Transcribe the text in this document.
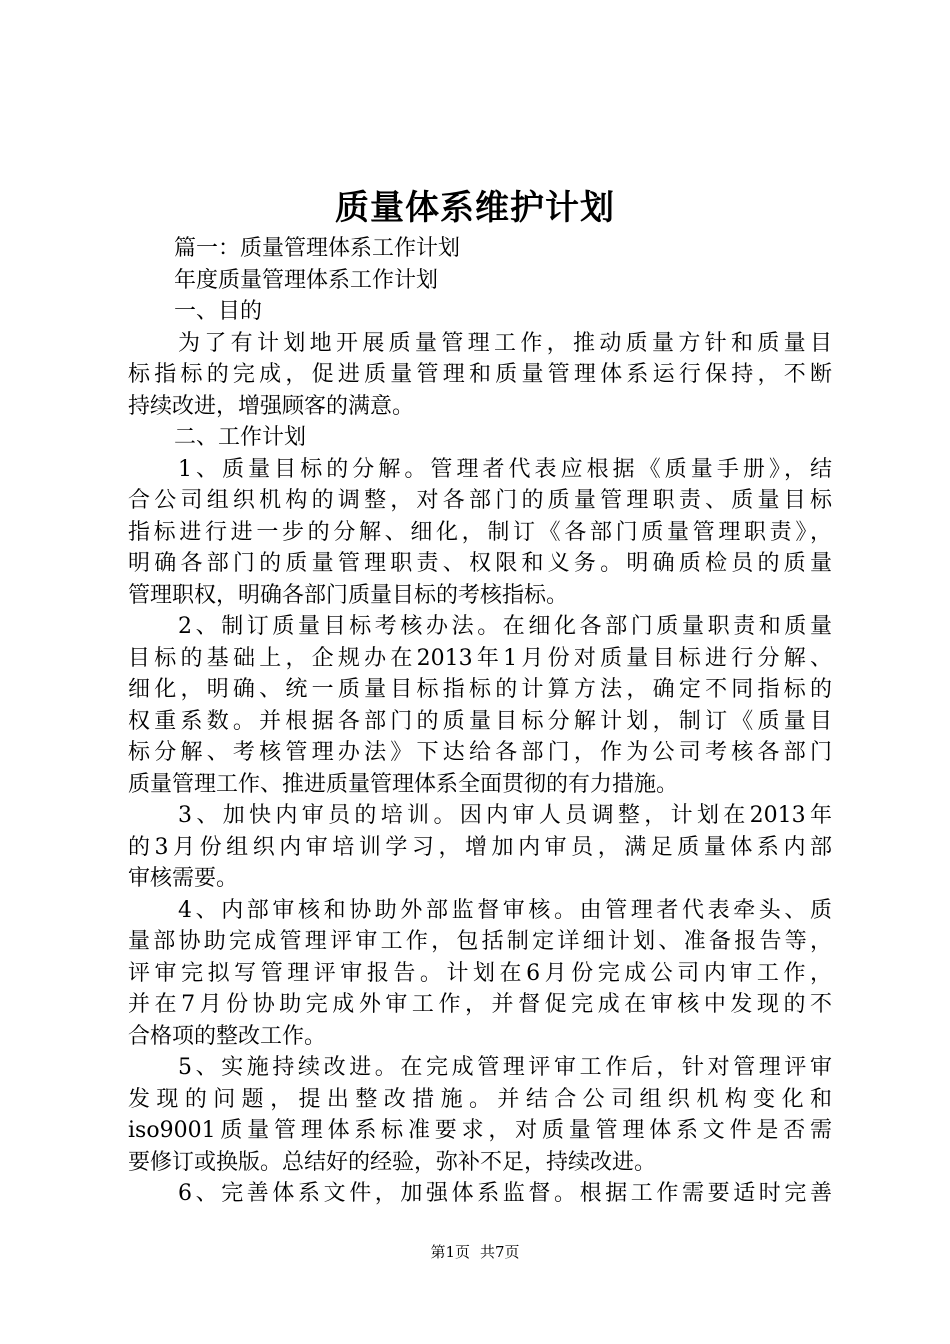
质量体系维护计划
篇一：质量管理体系工作计划
年度质量管理体系工作计划
一、目的
为了有计划地开展质量管理工作，推动质量方针和质量目
标指标的完成，促进质量管理和质量管理体系运行保持，不断
持续改进，增强顾客的满意。
二、工作计划
1、质量目标的分解。管理者代表应根据《质量手册》，结
合公司组织机构的调整，对各部门的质量管理职责、质量目标
指标进行进一步的分解、细化，制订《各部门质量管理职责》，
明确各部门的质量管理职责、权限和义务。明确质检员的质量
管理职权，明确各部门质量目标的考核指标。
2、制订质量目标考核办法。在细化各部门质量职责和质量
目标的基础上，企规办在2013年1月份对质量目标进行分解、
细化，明确、统一质量目标指标的计算方法，确定不同指标的
权重系数。并根据各部门的质量目标分解计划，制订《质量目
标分解、考核管理办法》下达给各部门，作为公司考核各部门
质量管理工作、推进质量管理体系全面贯彻的有力措施。
3、加快内审员的培训。因内审人员调整，计划在2013年
的3月份组织内审培训学习，增加内审员，满足质量体系内部
审核需要。
4、内部审核和协助外部监督审核。由管理者代表牵头、质
量部协助完成管理评审工作，包括制定详细计划、准备报告等，
评审完拟写管理评审报告。计划在6月份完成公司内审工作，
并在7月份协助完成外审工作，并督促完成在审核中发现的不
合格项的整改工作。
5、实施持续改进。在完成管理评审工作后，针对管理评审
发现的问题，提出整改措施。并结合公司组织机构变化和
iso9001质量管理体系标准要求，对质量管理体系文件是否需
要修订或换版。总结好的经验，弥补不足，持续改进。
6、完善体系文件，加强体系监督。根据工作需要适时完善
第1页 共7页
